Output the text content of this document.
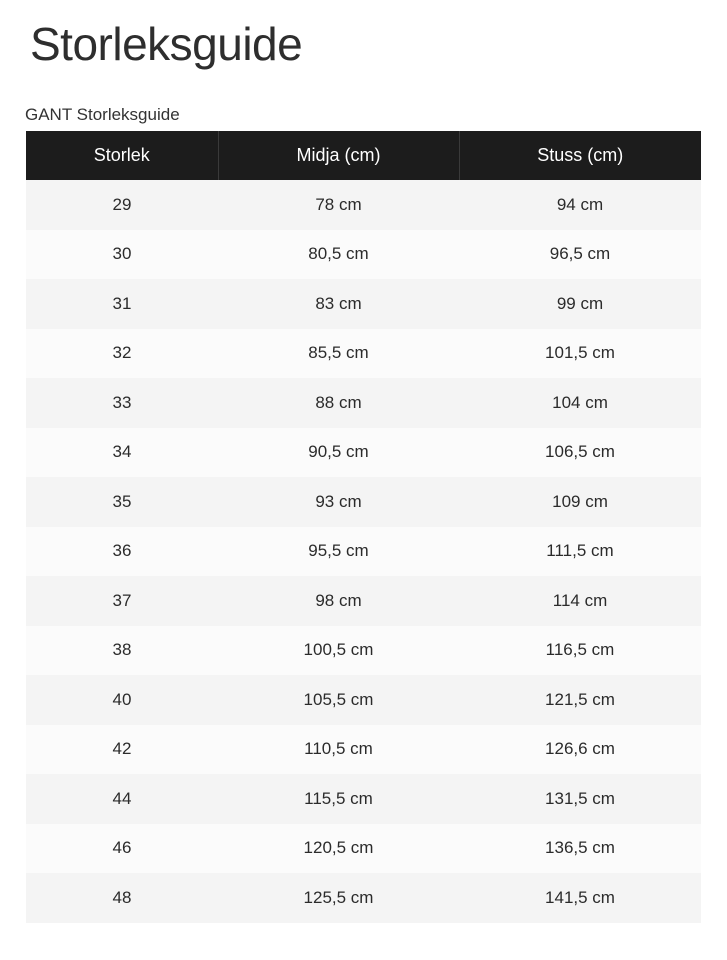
Storleksguide
GANT Storleksguide
Storlek	Midja (cm)	Stuss (cm)
29	78 cm	94 cm
30	80,5 cm	96,5 cm
31	83 cm	99 cm
32	85,5 cm	101,5 cm
33	88 cm	104 cm
34	90,5 cm	106,5 cm
35	93 cm	109 cm
36	95,5 cm	111,5 cm
37	98 cm	114 cm
38	100,5 cm	116,5 cm
40	105,5 cm	121,5 cm
42	110,5 cm	126,6 cm
44	115,5 cm	131,5 cm
46	120,5 cm	136,5 cm
48	125,5 cm	141,5 cm
